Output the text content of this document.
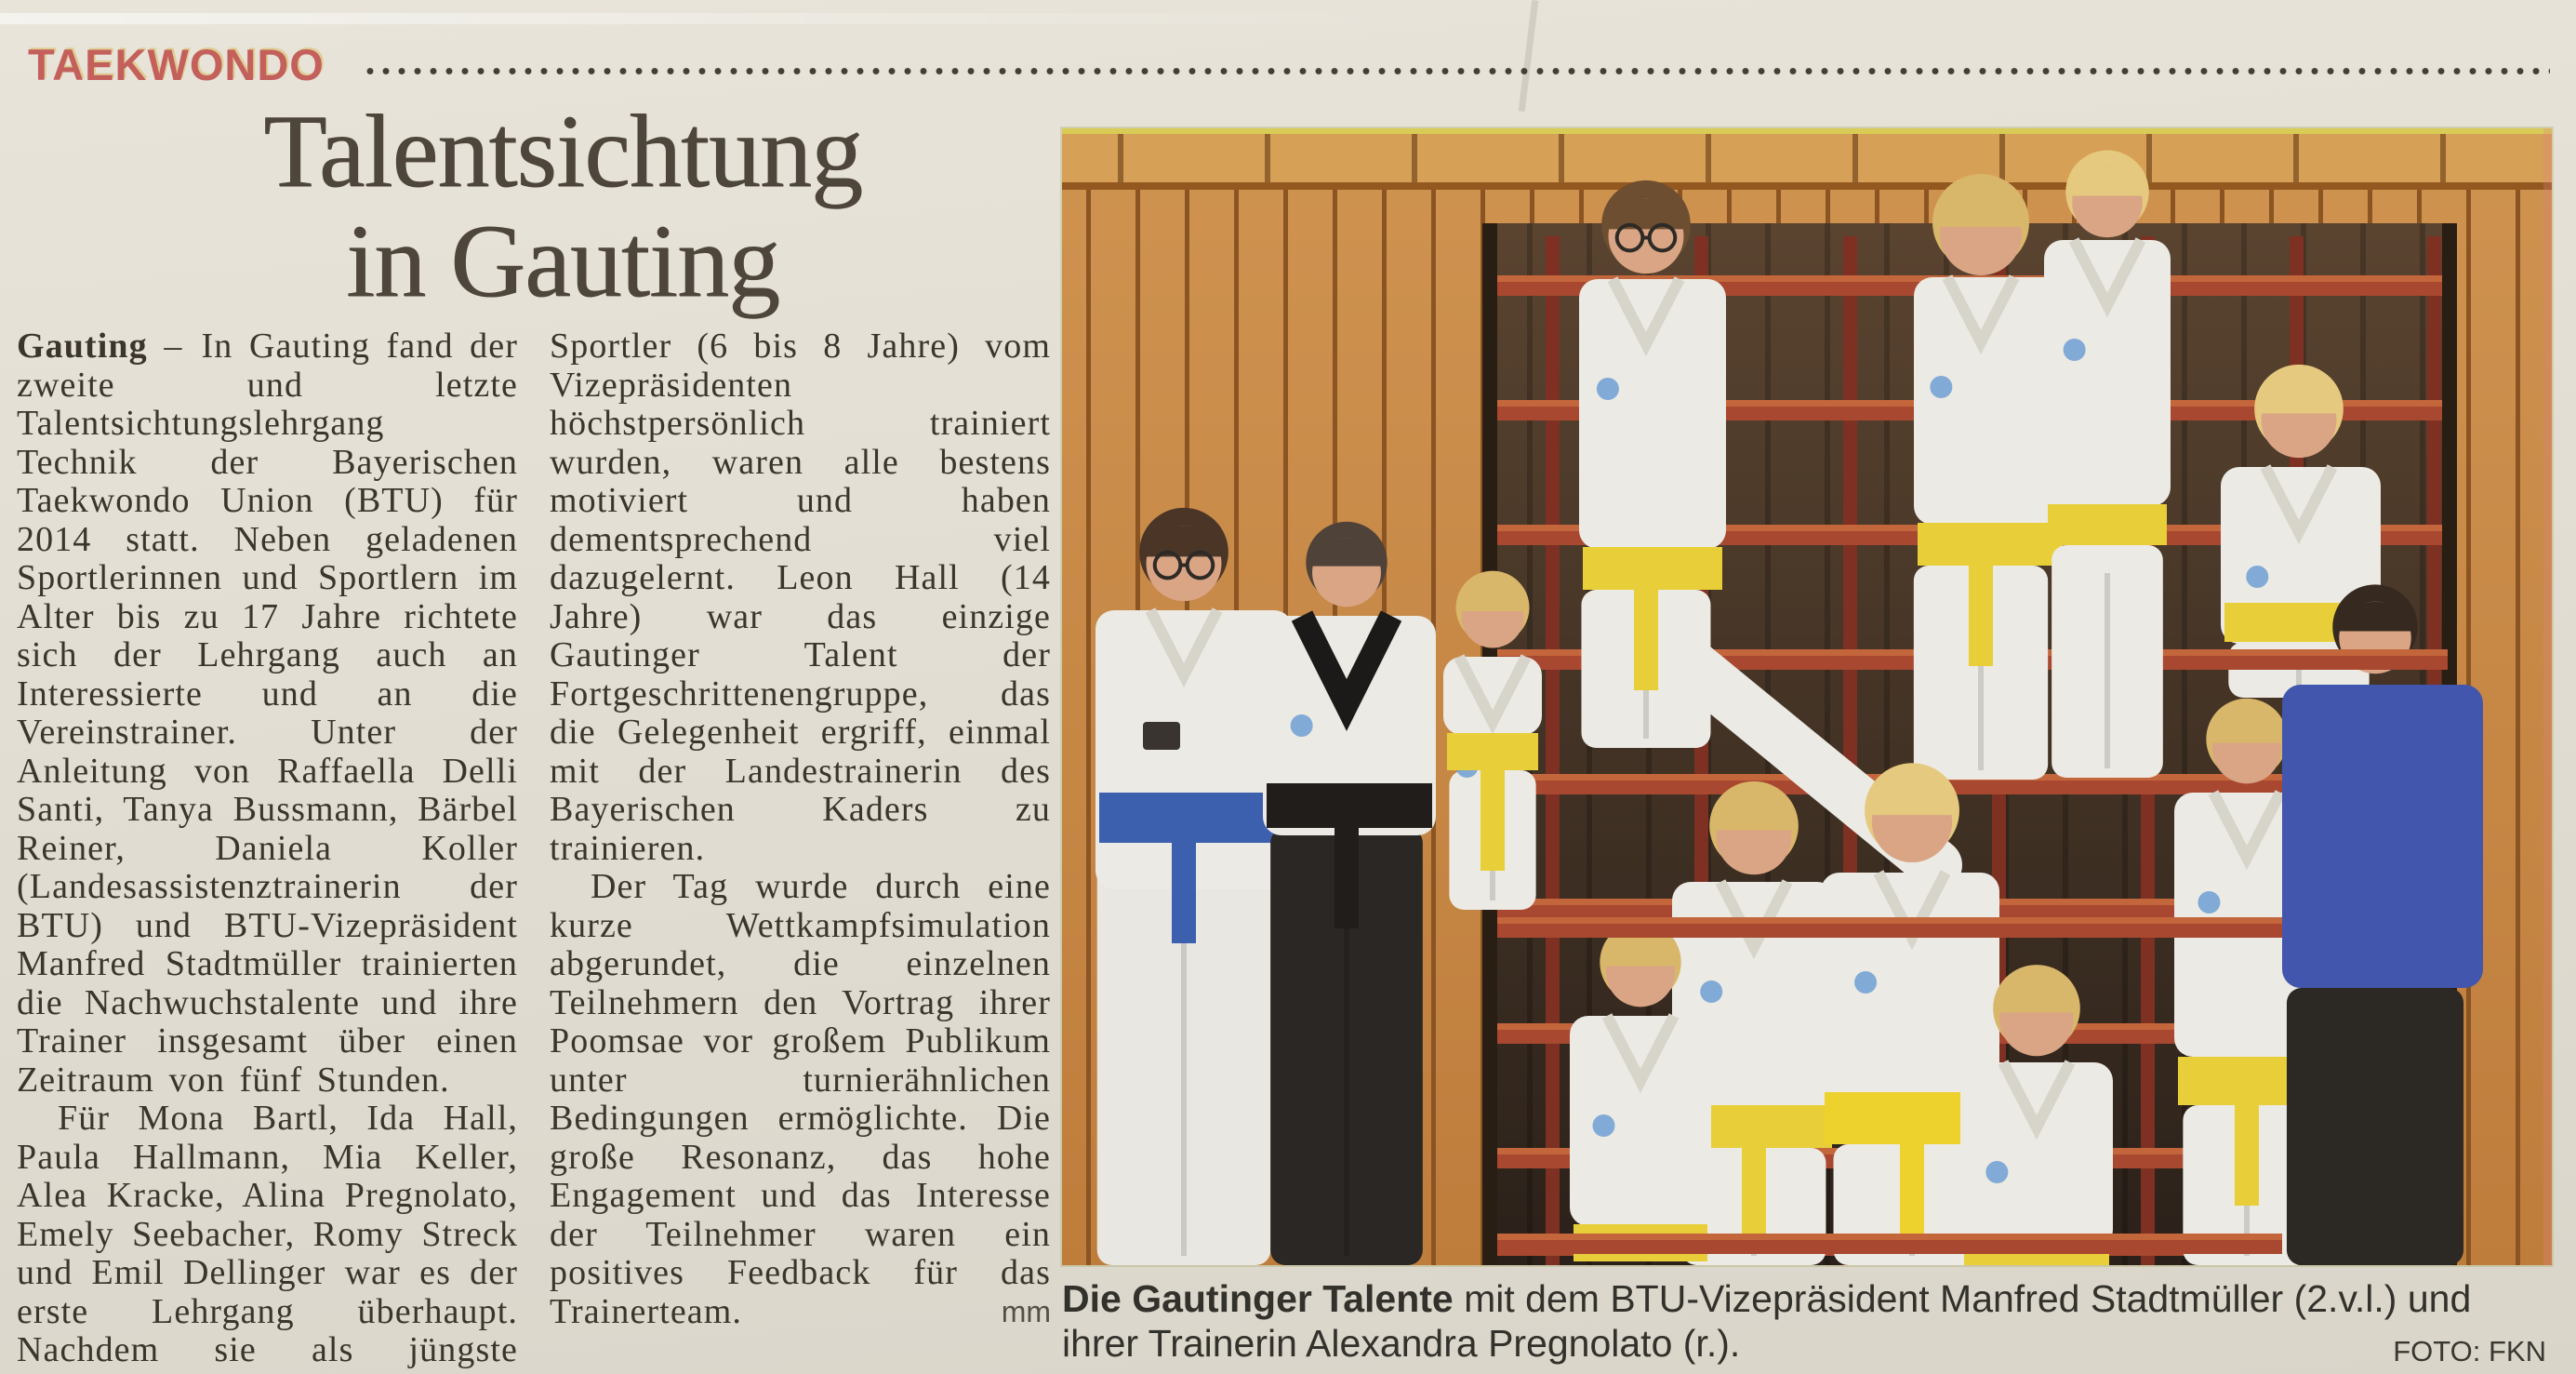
TAEKWONDO
Talentsichtung
in Gauting

Gauting – In Gauting fand der zweite und letzte Talentsichtungslehrgang Technik der Bayerischen Taekwondo Union (BTU) für 2014 statt. Neben geladenen Sportlerinnen und Sportlern im Alter bis zu 17 Jahre richtete sich der Lehrgang auch an Interessierte und an die Vereinstrainer. Unter der Anleitung von Raffaella Delli Santi, Tanya Bussmann, Bärbel Reiner, Daniela Koller (Landesassistenztrainerin der BTU) und BTU-Vizepräsident Manfred Stadtmüller trainierten die Nachwuchstalente und ihre Trainer insgesamt über einen Zeitraum von fünf Stunden.

Für Mona Bartl, Ida Hall, Paula Hallmann, Mia Keller, Alea Kracke, Alina Pregnolato, Emely Seebacher, Romy Streck und Emil Dellinger war es der erste Lehrgang überhaupt. Nachdem sie als jüngste Sportler (6 bis 8 Jahre) vom Vizepräsidenten höchstpersönlich trainiert wurden, waren alle bestens motiviert und haben dementsprechend viel dazugelernt. Leon Hall (14 Jahre) war das einzige Gautinger Talent der Fortgeschrittenengruppe, das die Gelegenheit ergriff, einmal mit der Landestrainerin des Bayerischen Kaders zu trainieren.

Der Tag wurde durch eine kurze Wettkampfsimulation abgerundet, die einzelnen Teilnehmern den Vortrag ihrer Poomsae vor großem Publikum unter turnierähnlichen Bedingungen ermöglichte. Die große Resonanz, das hohe Engagement und das Interesse der Teilnehmer waren ein positives Feedback für das Trainerteam.	mm Die Gautinger Talente mit dem BTU-Vizepräsident Manfred Stadtmüller (2.v.l.) und ihrer Trainerin Alexandra Pregnolato (r.).	FOTO: FKN
